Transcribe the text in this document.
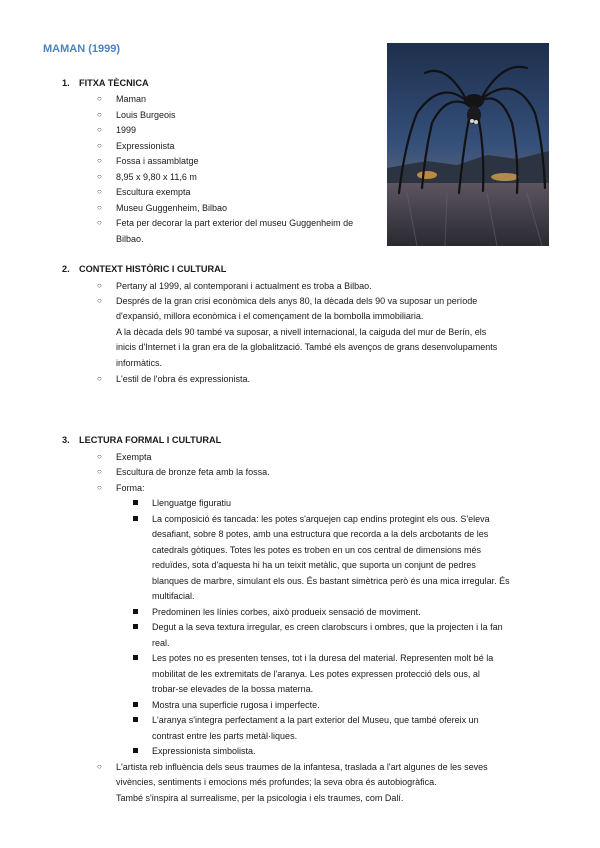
MAMAN (1999)
1. FITXA TÈCNICA
○ Maman
○ Louis Burgeois
○ 1999
○ Expressionista
○ Fossa i assamblatge
○ 8,95 x 9,80 x 11,6 m
○ Escultura exempta
○ Museu Guggenheim, Bilbao
○ Feta per decorar la part exterior del museu Guggenheim de
Bilbao.
2. CONTEXT HISTÒRIC I CULTURAL
○ Pertany al 1999, al contemporani i actualment es troba a Bilbao.
○ Després de la gran crisi econòmica dels anys 80, la dècada dels 90 va suposar un període
d'expansió, millora econòmica i el començament de la bombolla immobiliaria.
A la dècada dels 90 també va suposar, a nivell internacional, la caiguda del mur de Berín, els
inicis d'Internet i la gran era de la globalització. També els avenços de grans desenvolupaments
informàtics.
○ L'estil de l'obra és expressionista.
3. LECTURA FORMAL I CULTURAL
○ Exempta
○ Escultura de bronze feta amb la fossa.
○ Forma:
Llenguatge figuratiu
La composició és tancada: les potes s'arquejen cap endins protegint els ous. S'eleva
desafiant, sobre 8 potes, amb una estructura que recorda a la dels arcbotants de les
catedrals gòtiques. Totes les potes es troben en un cos central de dimensions més
reduïdes, sota d'aquesta hi ha un teixit metàlic, que suporta un conjunt de pedres
blanques de marbre, simulant els ous. És bastant simètrica però és una mica irregular. És
multifacial.
Predominen les línies corbes, això produeix sensació de moviment.
Degut a la seva textura irregular, es creen clarobscurs i ombres, que la projecten i la fan
real.
Les potes no es presenten tenses, tot i la duresa del material. Representen molt bé la
mobilitat de les extremitats de l'aranya. Les potes expressen protecció dels ous, al
trobar-se elevades de la bossa materna.
Mostra una superficie rugosa i imperfecte.
L'aranya s'integra perfectament a la part exterior del Museu, que també ofereix un
contrast entre les parts metàl·liques.
Expressionista simbolista.
○ L'artista reb influència dels seus traumes de la infantesa, traslada a l'art algunes de les seves
vivències, sentiments i emocions més profundes; la seva obra és autobiogràfica.
També s'inspira al surrealisme, per la psicologia i els traumes, com Dalí.
